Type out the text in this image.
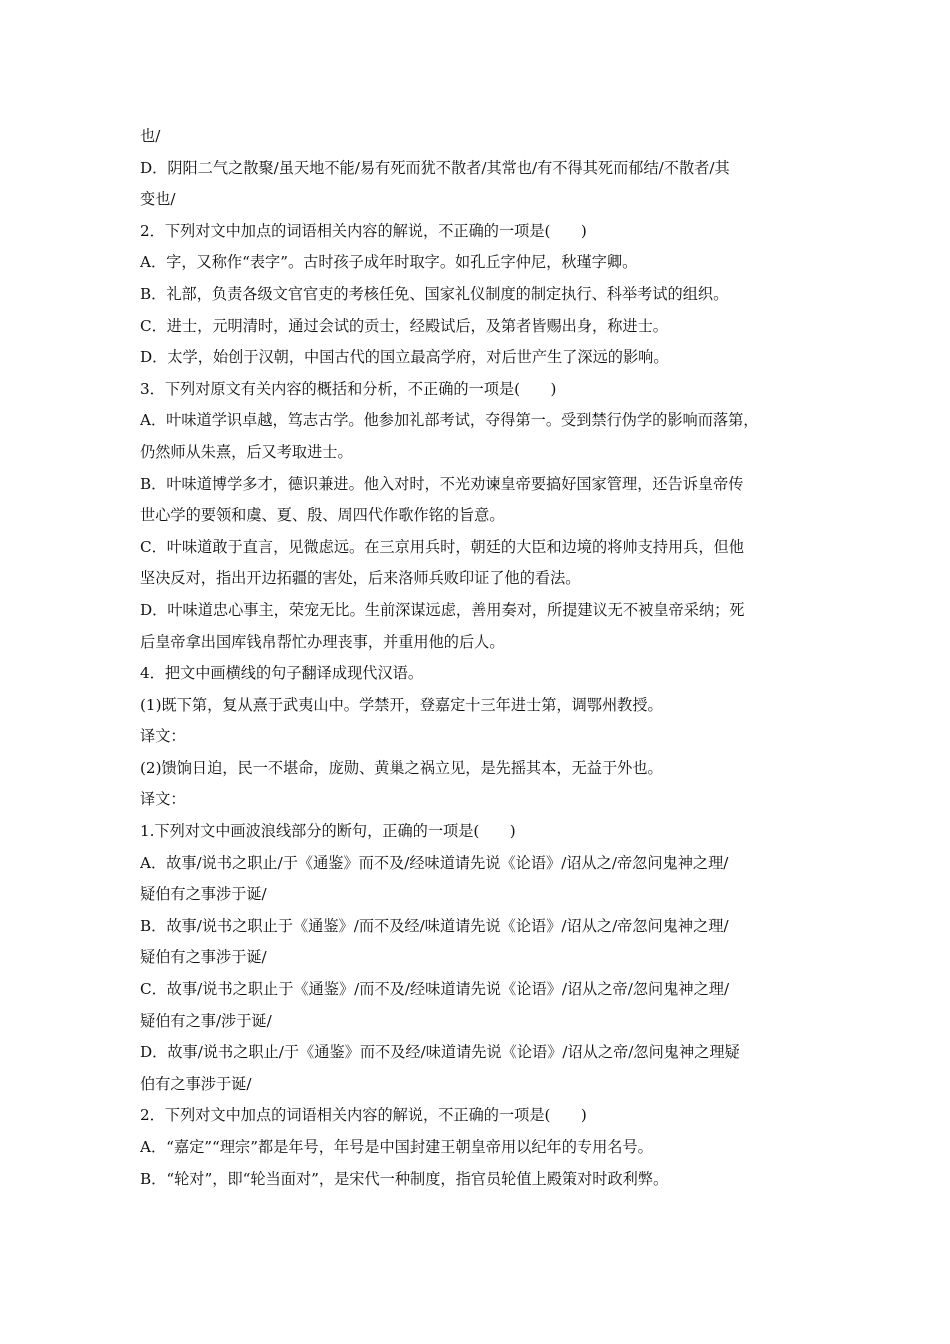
也/
D．阴阳二气之散聚/虽天地不能/易有死而犹不散者/其常也/有不得其死而郁结/不散者/其
变也/
2．下列对文中加点的词语相关内容的解说，不正确的一项是(　　)
A．字，又称作“表字”。古时孩子成年时取字。如孔丘字仲尼，秋瑾字卿。
B．礼部，负责各级文官官吏的考核任免、国家礼仪制度的制定执行、科举考试的组织。
C．进士，元明清时，通过会试的贡士，经殿试后，及第者皆赐出身，称进士。
D．太学，始创于汉朝，中国古代的国立最高学府，对后世产生了深远的影响。
3．下列对原文有关内容的概括和分析，不正确的一项是(　　)
A．叶味道学识卓越，笃志古学。他参加礼部考试，夺得第一。受到禁行伪学的影响而落第，
仍然师从朱熹，后又考取进士。
B．叶味道博学多才，德识兼进。他入对时，不光劝谏皇帝要搞好国家管理，还告诉皇帝传
世心学的要领和虞、夏、殷、周四代作歌作铭的旨意。
C．叶味道敢于直言，见微虑远。在三京用兵时，朝廷的大臣和边境的将帅支持用兵，但他
坚决反对，指出开边拓疆的害处，后来洛师兵败印证了他的看法。
D．叶味道忠心事主，荣宠无比。生前深谋远虑，善用奏对，所提建议无不被皇帝采纳；死
后皇帝拿出国库钱帛帮忙办理丧事，并重用他的后人。
4．把文中画横线的句子翻译成现代汉语。
(1)既下第，复从熹于武夷山中。学禁开，登嘉定十三年进士第，调鄂州教授。
译文：
(2)馈饷日迫，民一不堪命，庞勋、黄巢之祸立见，是先摇其本，无益于外也。
译文：
1.下列对文中画波浪线部分的断句，正确的一项是(　　)
A．故事/说书之职止/于《通鉴》而不及/经味道请先说《论语》/诏从之/帝忽问鬼神之理/
疑伯有之事涉于诞/
B．故事/说书之职止于《通鉴》/而不及经/味道请先说《论语》/诏从之/帝忽问鬼神之理/
疑伯有之事涉于诞/
C．故事/说书之职止于《通鉴》/而不及/经味道请先说《论语》/诏从之帝/忽问鬼神之理/
疑伯有之事/涉于诞/
D．故事/说书之职止/于《通鉴》而不及经/味道请先说《论语》/诏从之帝/忽问鬼神之理疑
伯有之事涉于诞/
2．下列对文中加点的词语相关内容的解说，不正确的一项是(　　)
A．“嘉定”“理宗”都是年号，年号是中国封建王朝皇帝用以纪年的专用名号。
B．“轮对”，即“轮当面对”，是宋代一种制度，指官员轮值上殿策对时政利弊。
